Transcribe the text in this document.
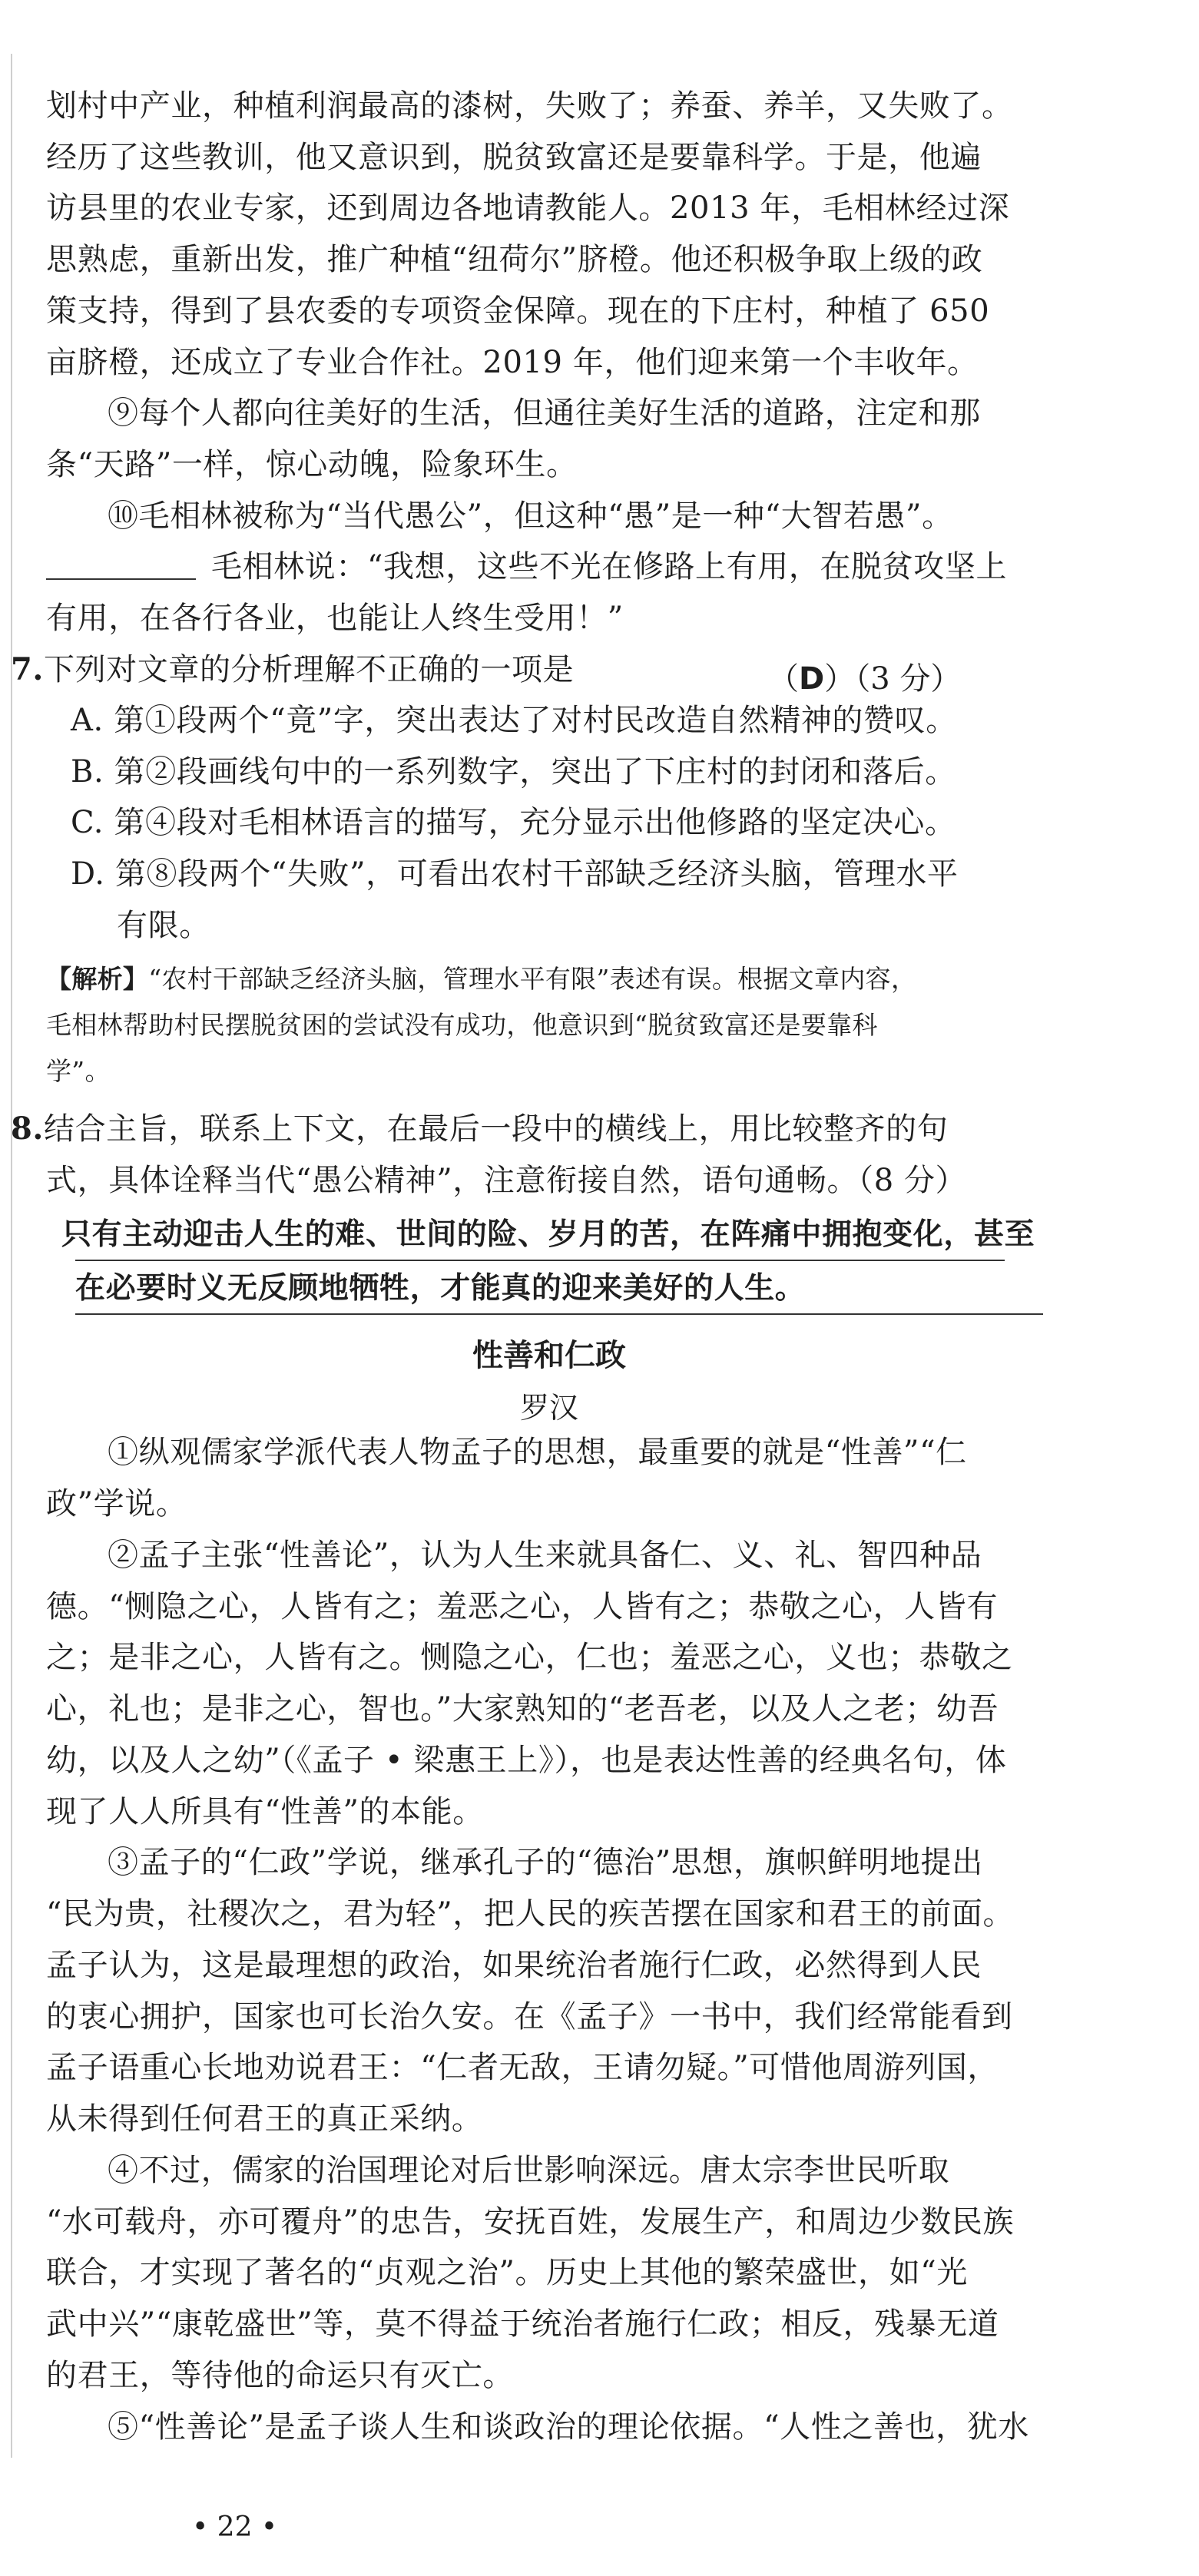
划村中产业，种植利润最高的漆树，失败了；养蚕、养羊，又失败了。
经历了这些教训，他又意识到，脱贫致富还是要靠科学。于是，他遍
访县里的农业专家，还到周边各地请教能人。2013 年，毛相林经过深
思熟虑，重新出发，推广种植“纽荷尔”脐橙。他还积极争取上级的政
策支持，得到了县农委的专项资金保障。现在的下庄村，种植了 650
亩脐橙，还成立了专业合作社。2019 年，他们迎来第一个丰收年。
⑨每个人都向往美好的生活，但通往美好生活的道路，注定和那
条“天路”一样，惊心动魄，险象环生。
⑩毛相林被称为“当代愚公”，但这种“愚”是一种“大智若愚”。
毛相林说：“我想，这些不光在修路上有用，在脱贫攻坚上
有用，在各行各业，也能让人终生受用！”
7.下列对文章的分析理解不正确的一项是	（D）（3 分）
A. 第①段两个“竟”字，突出表达了对村民改造自然精神的赞叹。
B. 第②段画线句中的一系列数字，突出了下庄村的封闭和落后。
C. 第④段对毛相林语言的描写，充分显示出他修路的坚定决心。
D. 第⑧段两个“失败”，可看出农村干部缺乏经济头脑，管理水平
有限。
【解析】“农村干部缺乏经济头脑，管理水平有限”表述有误。根据文章内容，
毛相林帮助村民摆脱贫困的尝试没有成功，他意识到“脱贫致富还是要靠科
学”。
8.结合主旨，联系上下文，在最后一段中的横线上，用比较整齐的句
式，具体诠释当代“愚公精神”，注意衔接自然，语句通畅。（8 分）
只有主动迎击人生的难、世间的险、岁月的苦，在阵痛中拥抱变化，甚至
在必要时义无反顾地牺牲，才能真的迎来美好的人生。
性善和仁政
罗汉
①纵观儒家学派代表人物孟子的思想，最重要的就是“性善”“仁
政”学说。
②孟子主张“性善论”，认为人生来就具备仁、义、礼、智四种品
德。“恻隐之心，人皆有之；羞恶之心，人皆有之；恭敬之心，人皆有
之；是非之心，人皆有之。恻隐之心，仁也；羞恶之心，义也；恭敬之
心，礼也；是非之心，智也。”大家熟知的“老吾老，以及人之老；幼吾
幼，以及人之幼”（《孟子 • 梁惠王上》），也是表达性善的经典名句，体
现了人人所具有“性善”的本能。
③孟子的“仁政”学说，继承孔子的“德治”思想，旗帜鲜明地提出
“民为贵，社稷次之，君为轻”，把人民的疾苦摆在国家和君王的前面。
孟子认为，这是最理想的政治，如果统治者施行仁政，必然得到人民
的衷心拥护，国家也可长治久安。在《孟子》一书中，我们经常能看到
孟子语重心长地劝说君王：“仁者无敌，王请勿疑。”可惜他周游列国，
从未得到任何君王的真正采纳。
④不过，儒家的治国理论对后世影响深远。唐太宗李世民听取
“水可载舟，亦可覆舟”的忠告，安抚百姓，发展生产，和周边少数民族
联合，才实现了著名的“贞观之治”。历史上其他的繁荣盛世，如“光
武中兴”“康乾盛世”等，莫不得益于统治者施行仁政；相反，残暴无道
的君王，等待他的命运只有灭亡。
⑤“性善论”是孟子谈人生和谈政治的理论依据。“人性之善也，犹水
• 22 •
